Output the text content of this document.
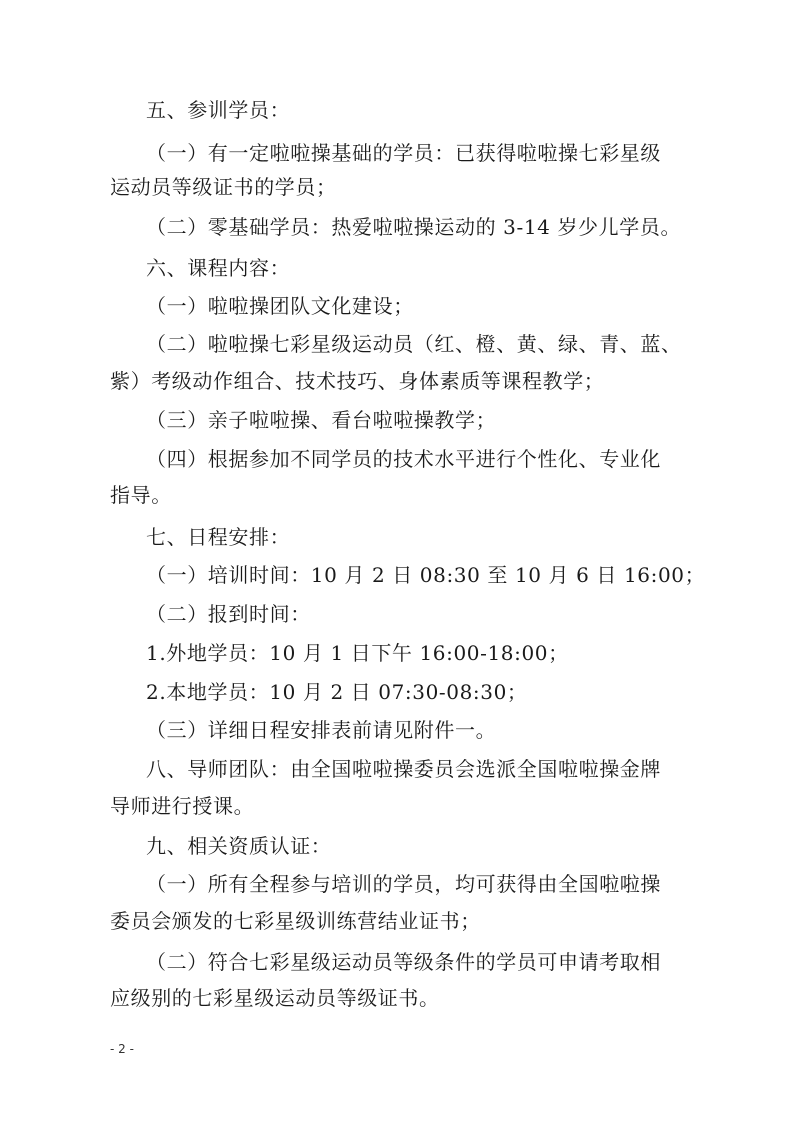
五、参训学员：
（一）有一定啦啦操基础的学员：已获得啦啦操七彩星级
运动员等级证书的学员；
（二）零基础学员：热爱啦啦操运动的 3-14 岁少儿学员。
六、课程内容：
（一）啦啦操团队文化建设；
（二）啦啦操七彩星级运动员（红、橙、黄、绿、青、蓝、
紫）考级动作组合、技术技巧、身体素质等课程教学；
（三）亲子啦啦操、看台啦啦操教学；
（四）根据参加不同学员的技术水平进行个性化、专业化
指导。
七、日程安排：
（一）培训时间：10 月 2 日 08:30 至 10 月 6 日 16:00；
（二）报到时间：
1.外地学员：10 月 1 日下午 16:00-18:00；
2.本地学员：10 月 2 日 07:30-08:30；
（三）详细日程安排表前请见附件一。
八、导师团队：由全国啦啦操委员会选派全国啦啦操金牌
导师进行授课。
九、相关资质认证：
（一）所有全程参与培训的学员，均可获得由全国啦啦操
委员会颁发的七彩星级训练营结业证书；
（二）符合七彩星级运动员等级条件的学员可申请考取相
应级别的七彩星级运动员等级证书。
- 2 -
